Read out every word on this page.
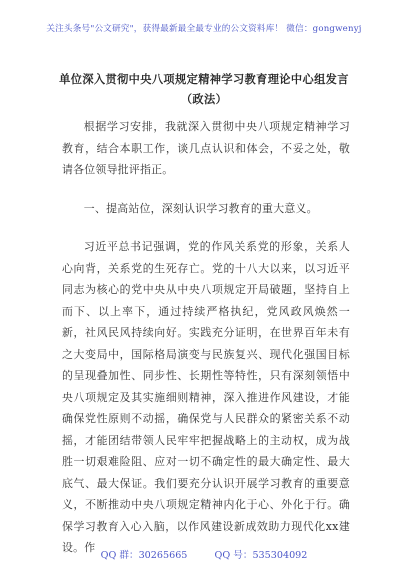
关注头条号"公文研究"，获得最新最全最专业的公文资料库！ 微信：gongwenyj
单位深入贯彻中央八项规定精神学习教育理论中心组发言
（政法）

根据学习安排，我就深入贯彻中央八项规定精神学习教育，结合本职工作，谈几点认识和体会，不妥之处，敬请各位领导批评指正。

一、提高站位，深刻认识学习教育的重大意义。

习近平总书记强调，党的作风关系党的形象，关系人心向背，关系党的生死存亡。党的十八大以来，以习近平同志为核心的党中央从中央八项规定开局破题，坚持自上而下、以上率下，通过持续严格执纪，党风政风焕然一新，社风民风持续向好。实践充分证明，在世界百年未有之大变局中，国际格局演变与民族复兴、现代化强国目标的呈现叠加性、同步性、长期性等特性，只有深刻领悟中央八项规定及其实施细则精神，深入推进作风建设，才能确保党性原则不动摇，确保党与人民群众的紧密关系不动摇，才能团结带领人民牢牢把握战略上的主动权，成为战胜一切艰难险阻、应对一切不确定性的最大确定性、最大底气、最大保证。我们要充分认识开展学习教育的重要意义，不断推动中央八项规定精神内化于心、外化于行。确保学习教育入心入脑，以作风建设新成效助力现代化xx建设。作

QQ 群：30265665	QQ 号：535304092
